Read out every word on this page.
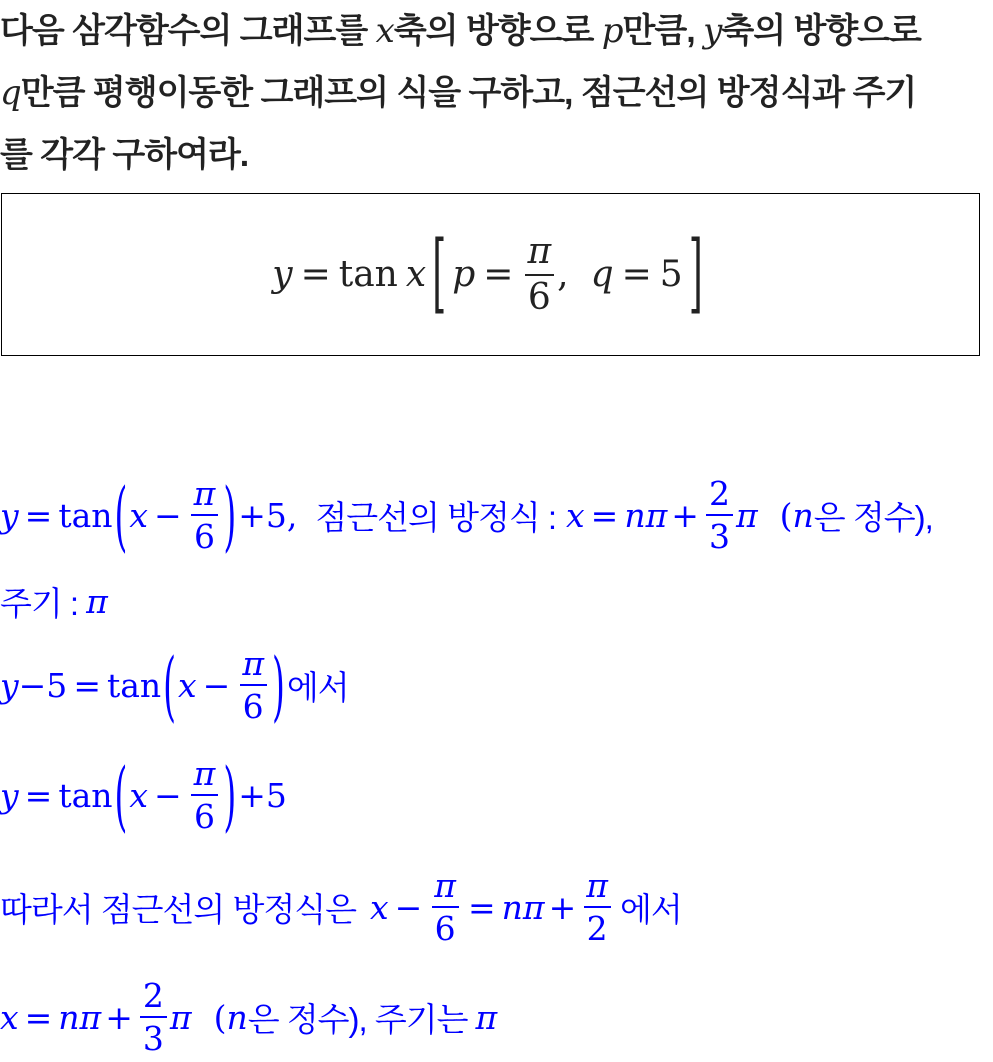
다음 삼각함수의 그래프를 x축의 방향으로 p만큼, y축의 방향으로
q만큼 평행이동한 그래프의 식을 구하고, 점근선의 방정식과 주기
를 각각 구하여라.
y = tan x [ $p = \frac{\pi}{6}$ , q = 5 ]
y = tan ( $x - \frac{\pi}{6}$ ) +5, 점근선의 방정식 : $x = n\pi + \frac{2}{3}$ π ( n 은 정수),
주기 : π
y −5 = tan ( $x - \frac{\pi}{6}$ ) 에서
y = tan ( $x - \frac{\pi}{6}$ ) +5
따라서 점근선의 방정식은 $x - \frac{\pi}{6} = n\pi + \frac{\pi}{2}$ 에서
$x = n\pi + \frac{2}{3}$ π ( n 은 정수), 주기는 π
